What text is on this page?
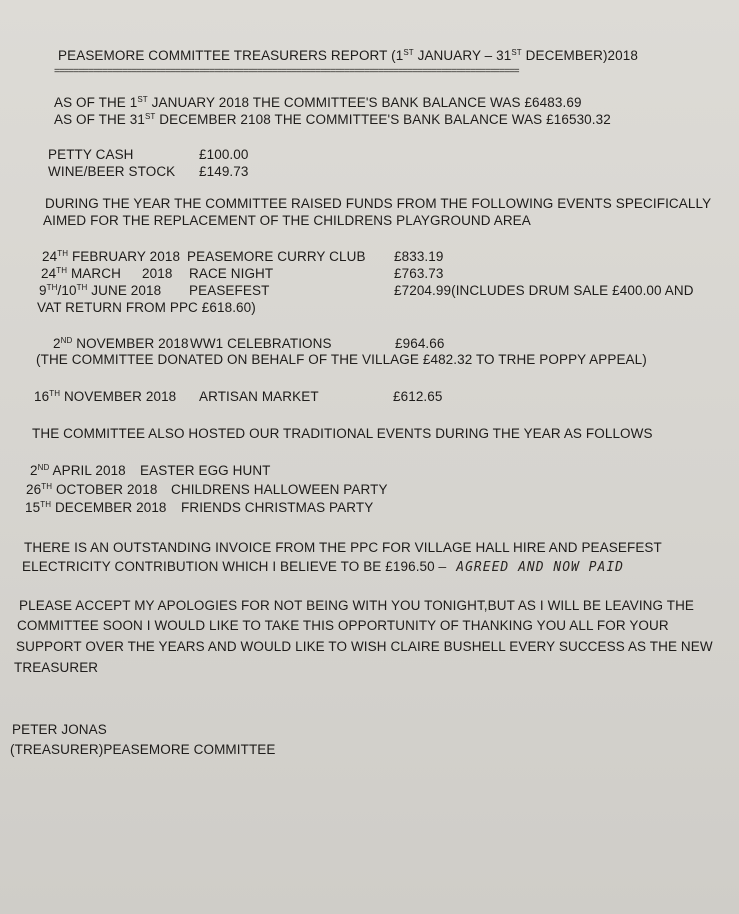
PEASEMORE COMMITTEE TREASURERS REPORT (1ST JANUARY – 31ST DECEMBER)2018
================================================================================================
AS OF THE 1ST JANUARY 2018 THE COMMITTEE'S BANK BALANCE WAS £6483.69
AS OF THE 31ST DECEMBER 2108 THE COMMITTEE'S BANK BALANCE WAS £16530.32
PETTY CASH	£100.00
WINE/BEER STOCK £149.73
DURING THE YEAR THE COMMITTEE RAISED FUNDS FROM THE FOLLOWING EVENTS SPECIFICALLY
AIMED FOR THE REPLACEMENT OF THE CHILDRENS PLAYGROUND AREA
24TH FEBRUARY 2018 PEASEMORE CURRY CLUB £833.19
24TH MARCH 2018 RACE NIGHT	£763.73
9TH/10TH JUNE 2018 PEASEFEST	£7204.99(INCLUDES DRUM SALE £400.00 AND
VAT RETURN FROM PPC £618.60)
2ND NOVEMBER 2018 WW1 CELEBRATIONS	£964.66
(THE COMMITTEE DONATED ON BEHALF OF THE VILLAGE £482.32 TO TRHE POPPY APPEAL)
16TH NOVEMBER 2018 ARTISAN MARKET	£612.65
THE COMMITTEE ALSO HOSTED OUR TRADITIONAL EVENTS DURING THE YEAR AS FOLLOWS
2ND APRIL 2018 EASTER EGG HUNT
26TH OCTOBER 2018 CHILDRENS HALLOWEEN PARTY
15TH DECEMBER 2018 FRIENDS CHRISTMAS PARTY
THERE IS AN OUTSTANDING INVOICE FROM THE PPC FOR VILLAGE HALL HIRE AND PEASEFEST
ELECTRICITY CONTRIBUTION WHICH I BELIEVE TO BE £196.50 – AGREED AND NOW PAID
PLEASE ACCEPT MY APOLOGIES FOR NOT BEING WITH YOU TONIGHT,BUT AS I WILL BE LEAVING THE
COMMITTEE SOON I WOULD LIKE TO TAKE THIS OPPORTUNITY OF THANKING YOU ALL FOR YOUR
SUPPORT OVER THE YEARS AND WOULD LIKE TO WISH CLAIRE BUSHELL EVERY SUCCESS AS THE NEW
TREASURER
PETER JONAS
(TREASURER)PEASEMORE COMMITTEE
